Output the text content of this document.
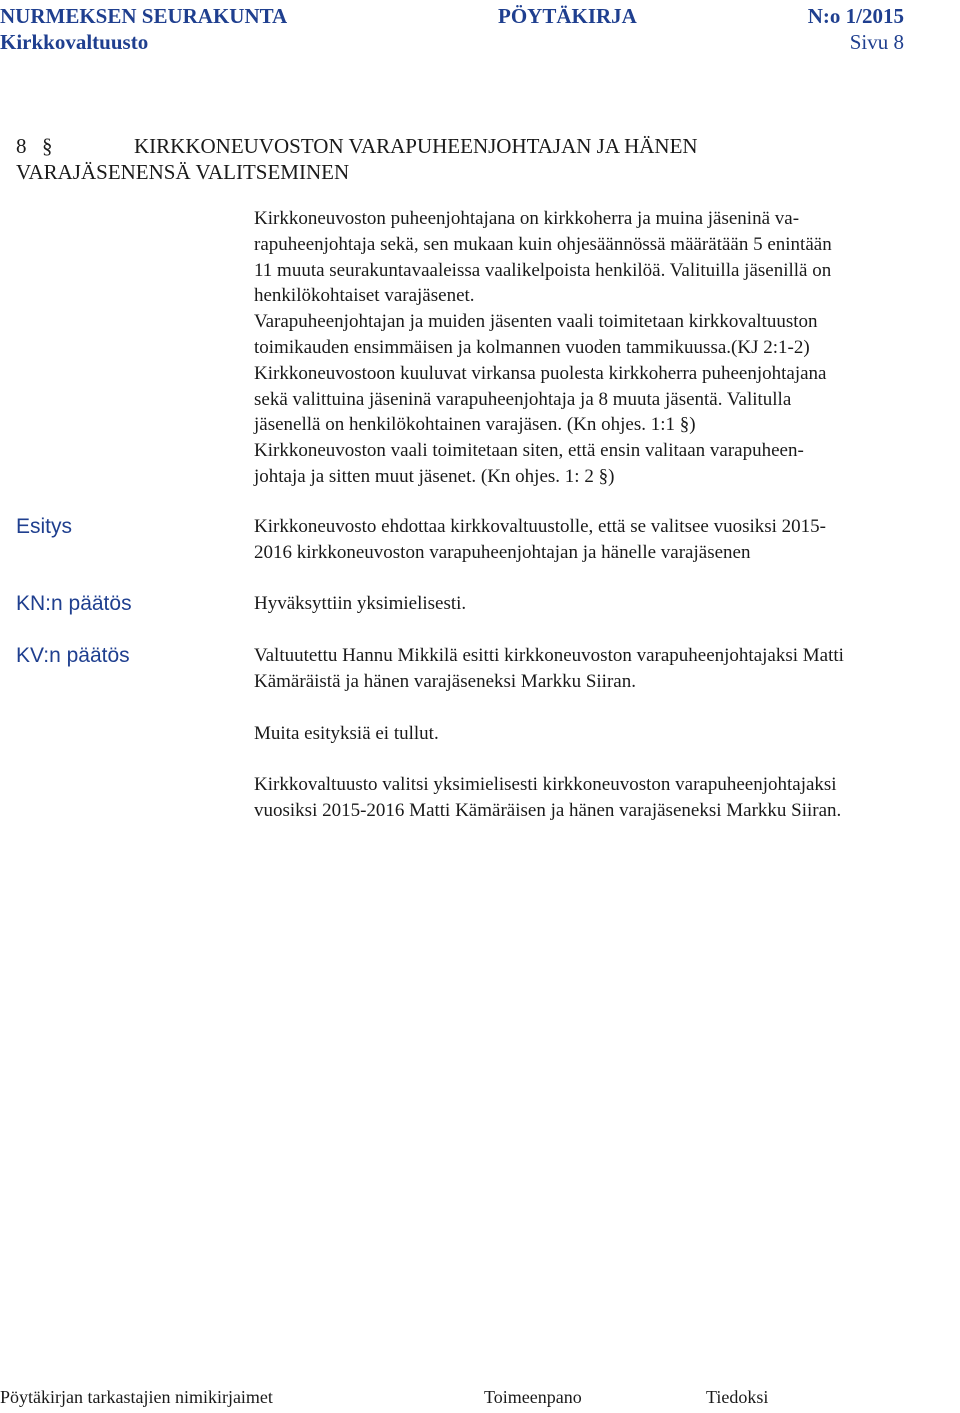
NURMEKSEN SEURAKUNTA	PÖYTÄKIRJA	N:o 1/2015
Kirkkovaltuusto	Sivu 8
8 §	KIRKKONEUVOSTON VARAPUHEENJOHTAJAN JA HÄNEN
VARAJÄSENENSÄ VALITSEMINEN

Kirkkoneuvoston puheenjohtajana on kirkkoherra ja muina jäseninä va-

rapuheenjohtaja sekä, sen mukaan kuin ohjesäännössä määrätään 5 enintään

11 muuta seurakuntavaaleissa vaalikelpoista henkilöä. Valituilla jäsenillä on

henkilökohtaiset varajäsenet.

Varapuheenjohtajan ja muiden jäsenten vaali toimitetaan kirkkovaltuuston

toimikauden ensimmäisen ja kolmannen vuoden tammikuussa.(KJ 2:1-2)

Kirkkoneuvostoon kuuluvat virkansa puolesta kirkkoherra puheenjohtajana

sekä valittuina jäseninä varapuheenjohtaja ja 8 muuta jäsentä. Valitulla

jäsenellä on henkilökohtainen varajäsen. (Kn ohjes. 1:1 §)

Kirkkoneuvoston vaali toimitetaan siten, että ensin valitaan varapuheen-

johtaja ja sitten muut jäsenet. (Kn ohjes. 1: 2 §)

Esitys	Kirkkoneuvosto ehdottaa kirkkovaltuustolle, että se valitsee vuosiksi 2015-
2016 kirkkoneuvoston varapuheenjohtajan ja hänelle varajäsenen
KN:n päätös	Hyväksyttiin yksimielisesti.
KV:n päätös	Valtuutettu Hannu Mikkilä esitti kirkkoneuvoston varapuheenjohtajaksi Matti
Kämäräistä ja hänen varajäseneksi Markku Siiran.

Muita esityksiä ei tullut.

Kirkkovaltuusto valitsi yksimielisesti kirkkoneuvoston varapuheenjohtajaksi
vuosiksi 2015-2016 Matti Kämäräisen ja hänen varajäseneksi Markku Siiran.

Pöytäkirjan tarkastajien nimikirjaimet	Toimeenpano	Tiedoksi
